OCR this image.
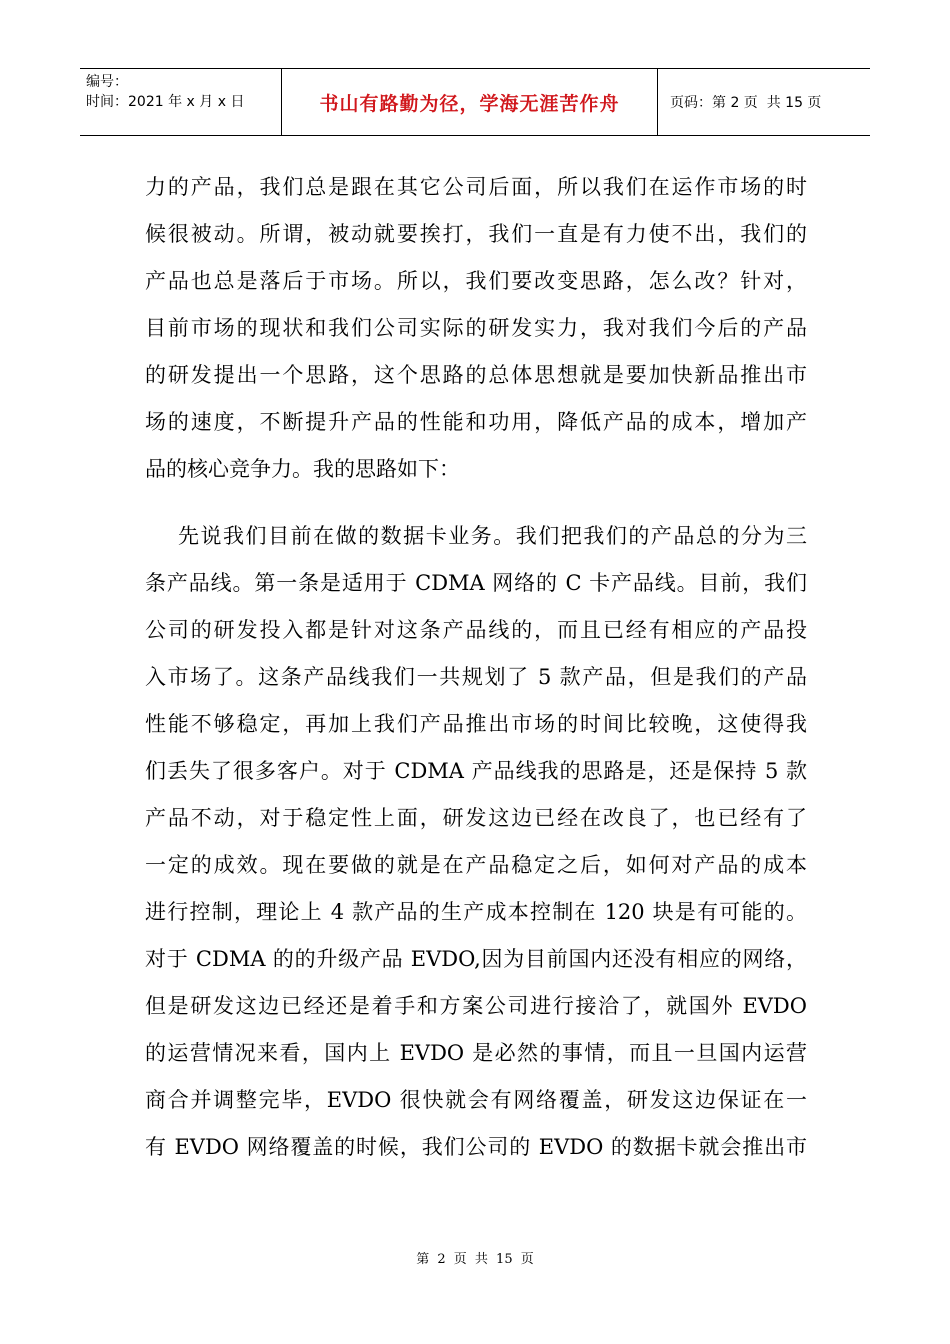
编号：
时间：2021 年 x 月 x 日	书山有路勤为径，学海无涯苦作舟	页码：第 2 页  共 15 页

力的产品，我们总是跟在其它公司后面，所以我们在运作市场的时
候很被动。所谓，被动就要挨打，我们一直是有力使不出，我们的
产品也总是落后于市场。所以，我们要改变思路，怎么改？针对，
目前市场的现状和我们公司实际的研发实力，我对我们今后的产品
的研发提出一个思路，这个思路的总体思想就是要加快新品推出市
场的速度，不断提升产品的性能和功用，降低产品的成本，增加产
品的核心竞争力。我的思路如下：

先说我们目前在做的数据卡业务。我们把我们的产品总的分为三
条产品线。第一条是适用于 CDMA 网络的 C 卡产品线。目前，我们
公司的研发投入都是针对这条产品线的，而且已经有相应的产品投
入市场了。这条产品线我们一共规划了 5 款产品，但是我们的产品
性能不够稳定，再加上我们产品推出市场的时间比较晚，这使得我
们丢失了很多客户。对于 CDMA 产品线我的思路是，还是保持 5 款
产品不动，对于稳定性上面，研发这边已经在改良了，也已经有了
一定的成效。现在要做的就是在产品稳定之后，如何对产品的成本
进行控制，理论上 4 款产品的生产成本控制在 120 块是有可能的。
对于 CDMA 的的升级产品 EVDO,因为目前国内还没有相应的网络，
但是研发这边已经还是着手和方案公司进行接洽了，就国外 EVDO
的运营情况来看，国内上 EVDO 是必然的事情，而且一旦国内运营
商合并调整完毕，EVDO 很快就会有网络覆盖，研发这边保证在一
有 EVDO 网络覆盖的时候，我们公司的 EVDO 的数据卡就会推出市

第 2 页 共 15 页
